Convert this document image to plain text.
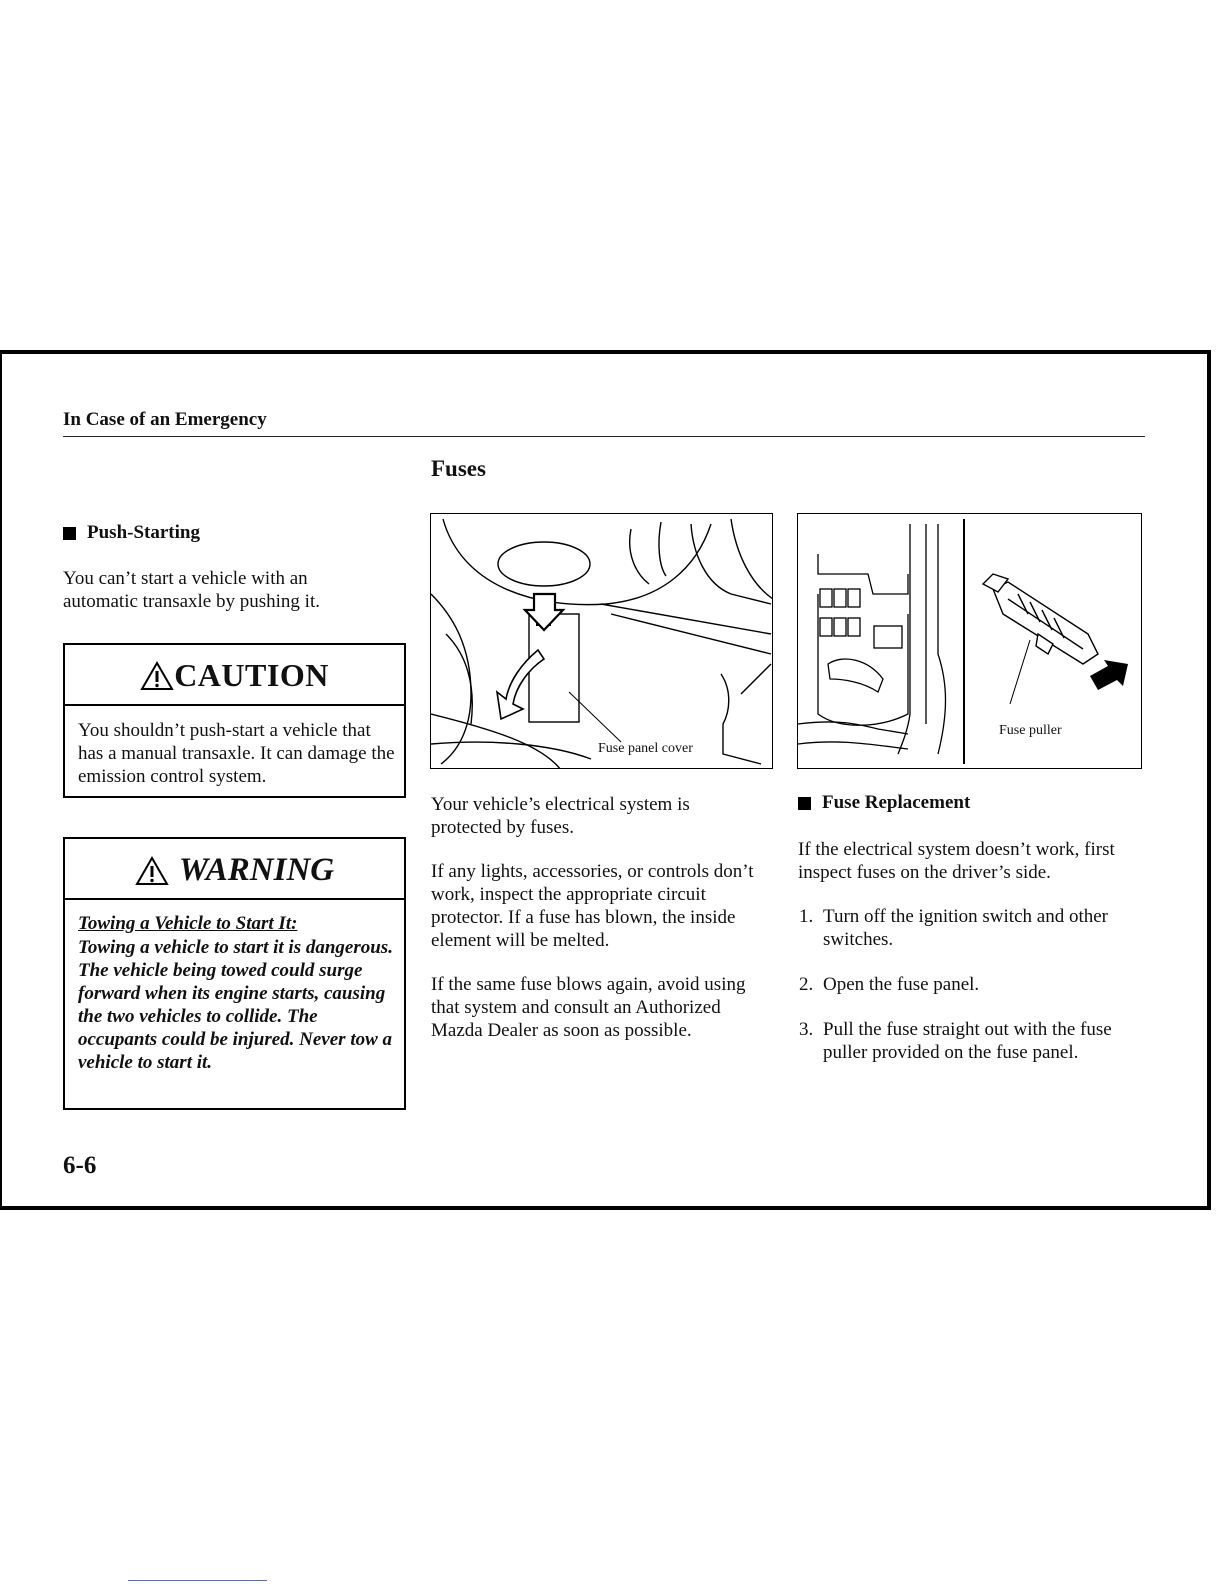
In Case of an Emergency
Fuses
Push-Starting
You can’t start a vehicle with an automatic transaxle by pushing it.
CAUTION
You shouldn’t push-start a vehicle that has a manual transaxle. It can damage the emission control system.
WARNING
Towing a Vehicle to Start It:
Towing a vehicle to start it is dangerous. The vehicle being towed could surge forward when its engine starts, causing the two vehicles to collide. The occupants could be injured. Never tow a vehicle to start it.
6-6
Fuse panel cover
Your vehicle’s electrical system is protected by fuses.
If any lights, accessories, or controls don’t work, inspect the appropriate circuit protector. If a fuse has blown, the inside element will be melted.
If the same fuse blows again, avoid using that system and consult an Authorized Mazda Dealer as soon as possible.
Fuse puller
Fuse Replacement
If the electrical system doesn’t work, first inspect fuses on the driver’s side.
1. Turn off the ignition switch and other switches.
2. Open the fuse panel.
3. Pull the fuse straight out with the fuse puller provided on the fuse panel.
